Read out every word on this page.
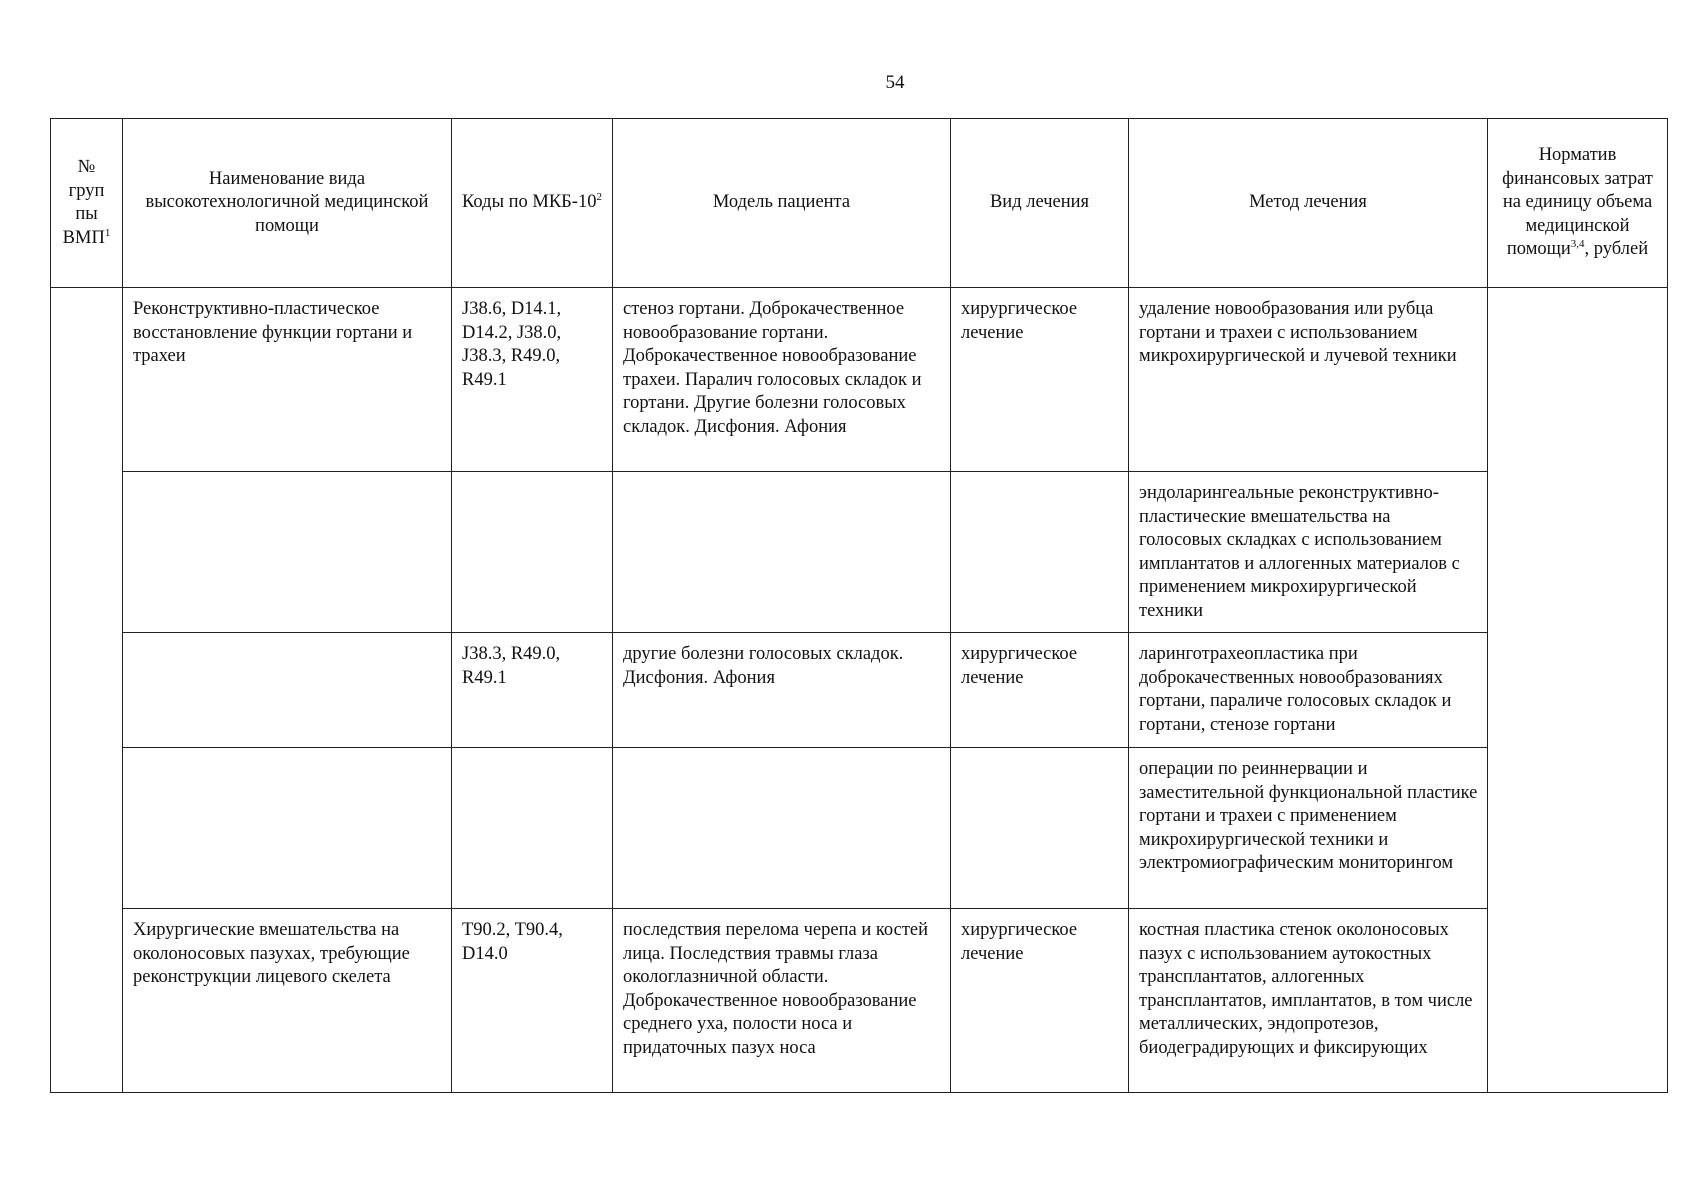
54
№
груп
пы
ВМП$^1$	Наименование вида высокотехнологичной медицинской помощи	Коды по МКБ-$10^2$	Модель пациента	Вид лечения	Метод лечения	Норматив финансовых затрат на единицу объема медицинской помощи$^{3,4}$, рублей
	Реконструктивно-пластическое восстановление функции гортани и трахеи	J38.6, D14.1, D14.2, J38.0, J38.3, R49.0, R49.1	стеноз гортани. Доброкачественное новообразование гортани. Доброкачественное новообразование трахеи. Паралич голосовых складок и гортани. Другие болезни голосовых складок. Дисфония. Афония	хирургическое лечение	удаление новообразования или рубца гортани и трахеи с использованием микрохирургической и лучевой техники	
					эндоларингеальные реконструктивно-пластические вмешательства на голосовых складках с использованием имплантатов и аллогенных материалов с применением микрохирургической техники	
		J38.3, R49.0, R49.1	другие болезни голосовых складок. Дисфония. Афония	хирургическое лечение	ларинготрахеопластика при доброкачественных новообразованиях гортани, параличе голосовых складок и гортани, стенозе гортани	
					операции по реиннервации и заместительной функциональной пластике гортани и трахеи с применением микрохирургической техники и электромиографическим мониторингом	
	Хирургические вмешательства на околоносовых пазухах, требующие реконструкции лицевого скелета	T90.2, T90.4, D14.0	последствия перелома черепа и костей лица. Последствия травмы глаза окологлазничной области. Доброкачественное новообразование среднего уха, полости носа и придаточных пазух носа	хирургическое лечение	костная пластика стенок околоносовых пазух с использованием аутокостных трансплантатов, аллогенных трансплантатов, имплантатов, в том числе металлических, эндопротезов, биодеградирующих и фиксирующих	
